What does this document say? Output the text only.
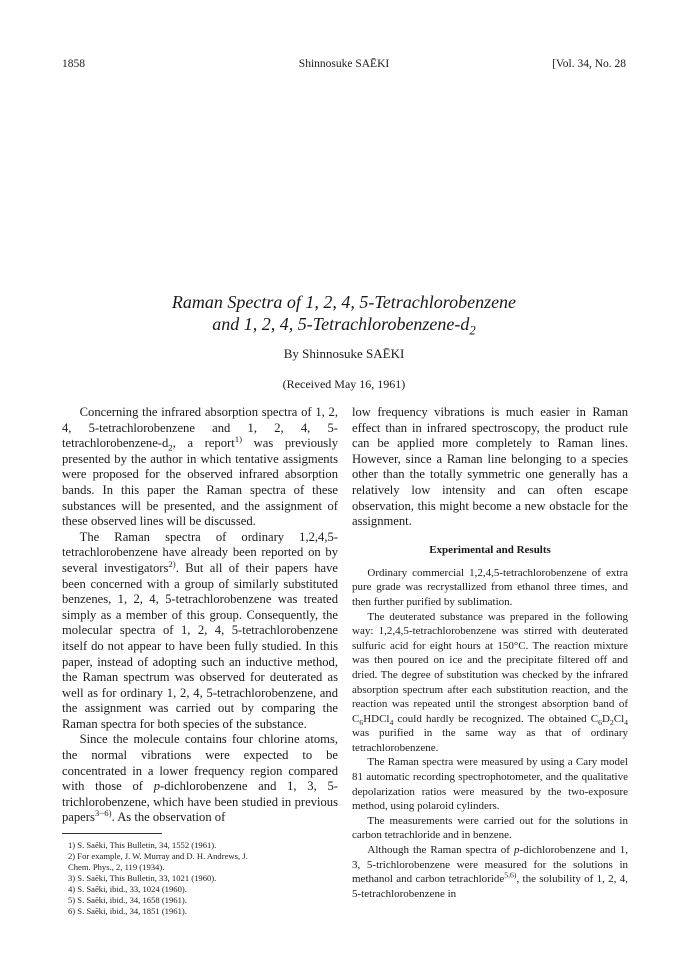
1858	Shinnosuke SAĒKI	[Vol. 34, No. 28
Raman Spectra of 1, 2, 4, 5-Tetrachlorobenzene
and 1, 2, 4, $5-Tetrachlorobenzene-d_2$
By Shinnosuke SAĒKI
(Received May 16, 1961)

Concerning the infrared absorption spectra of 1, 2, 4, 5-tetrachlorobenzene and 1, 2, 4, $5-tetrachlorobenzene-d_2$, a report$^{1)}$ was previously presented by the author in which tentative assigments were proposed for the observed infrared absorption bands. In this paper the Raman spectra of these substances will be presented, and the assignment of these observed lines will be discussed.

The Raman spectra of ordinary 1,2,4,5-tetrachlorobenzene have already been reported on by several investigators$^{2)}$. But all of their papers have been concerned with a group of similarly substituted benzenes, 1, 2, 4, 5-tetrachlorobenzene was treated simply as a member of this group. Consequently, the molecular spectra of 1, 2, 4, 5-tetrachlorobenzene itself do not appear to have been fully studied. In this paper, instead of adopting such an inductive method, the Raman spectrum was observed for deuterated as well as for ordinary 1, 2, 4, 5-tetrachlorobenzene, and the assignment was carried out by comparing the Raman spectra for both species of the substance.

Since the molecule contains four chlorine atoms, the normal vibrations were expected to be concentrated in a lower frequency region compared with those of p-dichlorobenzene and 1, 3, 5-trichlorobenzene, which have been studied in previous papers$^{3-6)}$. As the observation of

1) S. Saēki, This Bulletin, 34, 1552 (1961).

2) For example, J. W. Murray and D. H. Andrews, J.

Chem. Phys., 2, 119 (1934).

3) S. Saēki, This Bulletin, 33, 1021 (1960).

4) S. Saēki, ibid., 33, 1024 (1960).

5) S. Saēki, ibid., 34, 1658 (1961).

6) S. Saēki, ibid., 34, 1851 (1961).

low frequency vibrations is much easier in Raman effect than in infrared spectroscopy, the product rule can be applied more completely to Raman lines. However, since a Raman line belonging to a species other than the totally symmetric one generally has a relatively low intensity and can often escape observation, this might become a new obstacle for the assignment.

Experimental and Results

Ordinary commercial 1,2,4,5-tetrachlorobenzene of extra pure grade was recrystallized from ethanol three times, and then further purified by sublimation.

The deuterated substance was prepared in the following way: 1,2,4,5-tetrachlorobenzene was stirred with deuterated sulfuric acid for eight hours at 150°C. The reaction mixture was then poured on ice and the precipitate filtered off and dried. The degree of substitution was checked by the infrared absorption spectrum after each substitution reaction, and the reaction was repeated until the strongest absorption band of $C_6HDCl_4$ could hardly be recognized. The obtained $C_6D_2Cl_4$ was purified in the same way as that of ordinary tetrachlorobenzene.

The Raman spectra were measured by using a Cary model 81 automatic recording spectrophotometer, and the qualitative depolarization ratios were measured by the two-exposure method, using polaroid cylinders.

The measurements were carried out for the solutions in carbon tetrachloride and in benzene.

Although the Raman spectra of p-dichlorobenzene and 1, 3, 5-trichlorobenzene were measured for the solutions in methanol and carbon tetrachloride$^{5,6)}$, the solubility of 1, 2, 4, 5-tetrachlorobenzene in
